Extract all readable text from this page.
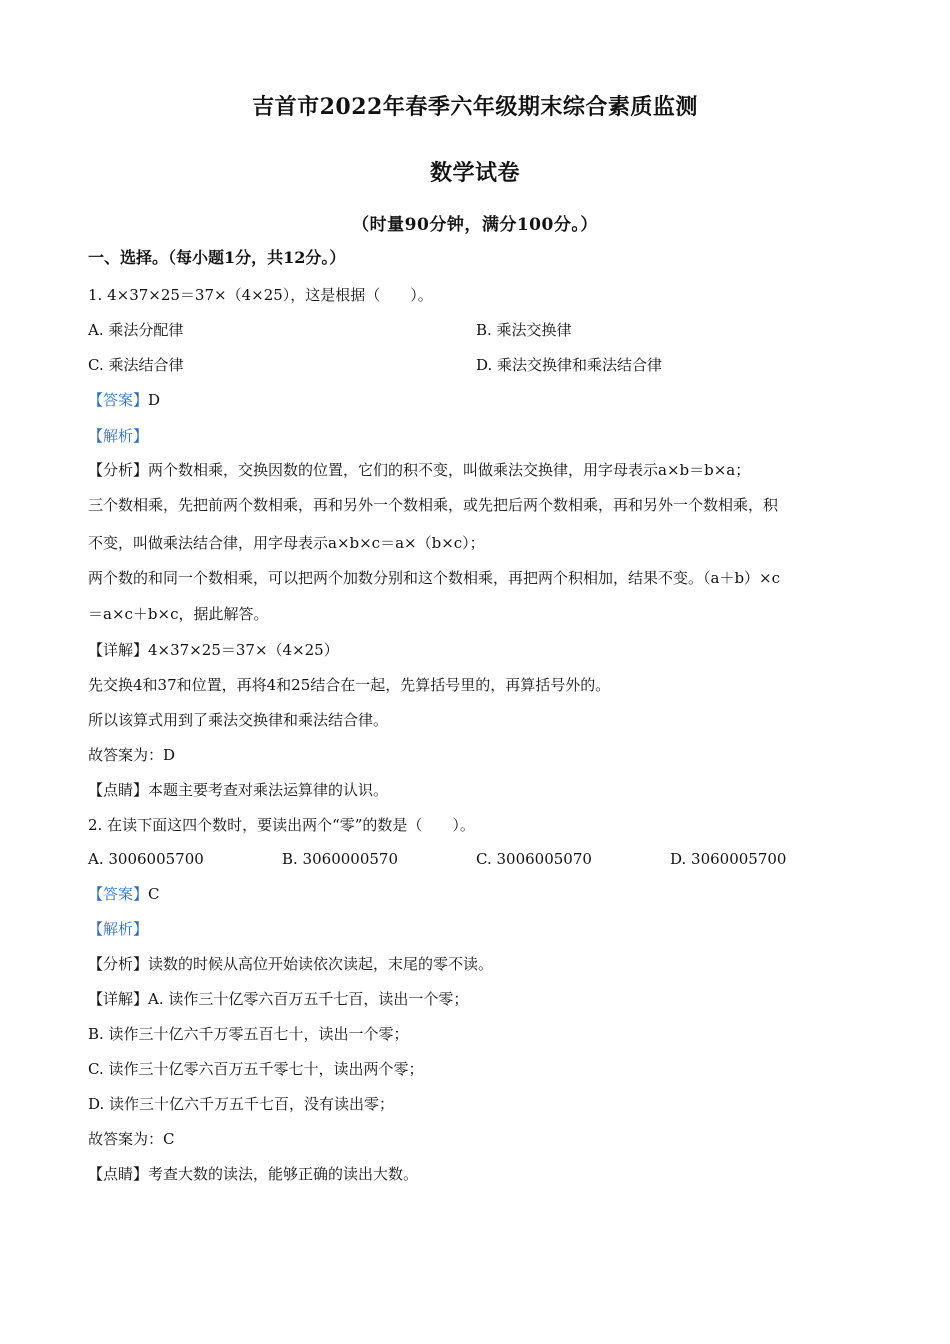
吉首市2022年春季六年级期末综合素质监测
数学试卷
（时量90分钟，满分100分。）
一、选择。（每小题1分，共12分。）
1. 4×37×25＝37×（4×25），这是根据（　　）。
A. 乘法分配律	B. 乘法交换律
C. 乘法结合律	D. 乘法交换律和乘法结合律
【答案】D
【解析】
【分析】两个数相乘，交换因数的位置，它们的积不变，叫做乘法交换律，用字母表示a×b＝b×a；
三个数相乘，先把前两个数相乘，再和另外一个数相乘，或先把后两个数相乘，再和另外一个数相乘，积
不变，叫做乘法结合律，用字母表示a×b×c＝a×（b×c）；
两个数的和同一个数相乘，可以把两个加数分别和这个数相乘，再把两个积相加，结果不变。（a＋b）×c
＝a×c＋b×c，据此解答。
【详解】4×37×25＝37×（4×25）
先交换4和37和位置，再将4和25结合在一起，先算括号里的，再算括号外的。
所以该算式用到了乘法交换律和乘法结合律。
故答案为：D
【点睛】本题主要考查对乘法运算律的认识。
2. 在读下面这四个数时，要读出两个“零”的数是（　　）。
A. 3006005700	B. 3060000570	C. 3006005070	D. 3060005700
【答案】C
【解析】
【分析】读数的时候从高位开始读依次读起，末尾的零不读。
【详解】A. 读作三十亿零六百万五千七百，读出一个零；
B. 读作三十亿六千万零五百七十，读出一个零；
C. 读作三十亿零六百万五千零七十，读出两个零；
D. 读作三十亿六千万五千七百，没有读出零；
故答案为：C
【点睛】考查大数的读法，能够正确的读出大数。
